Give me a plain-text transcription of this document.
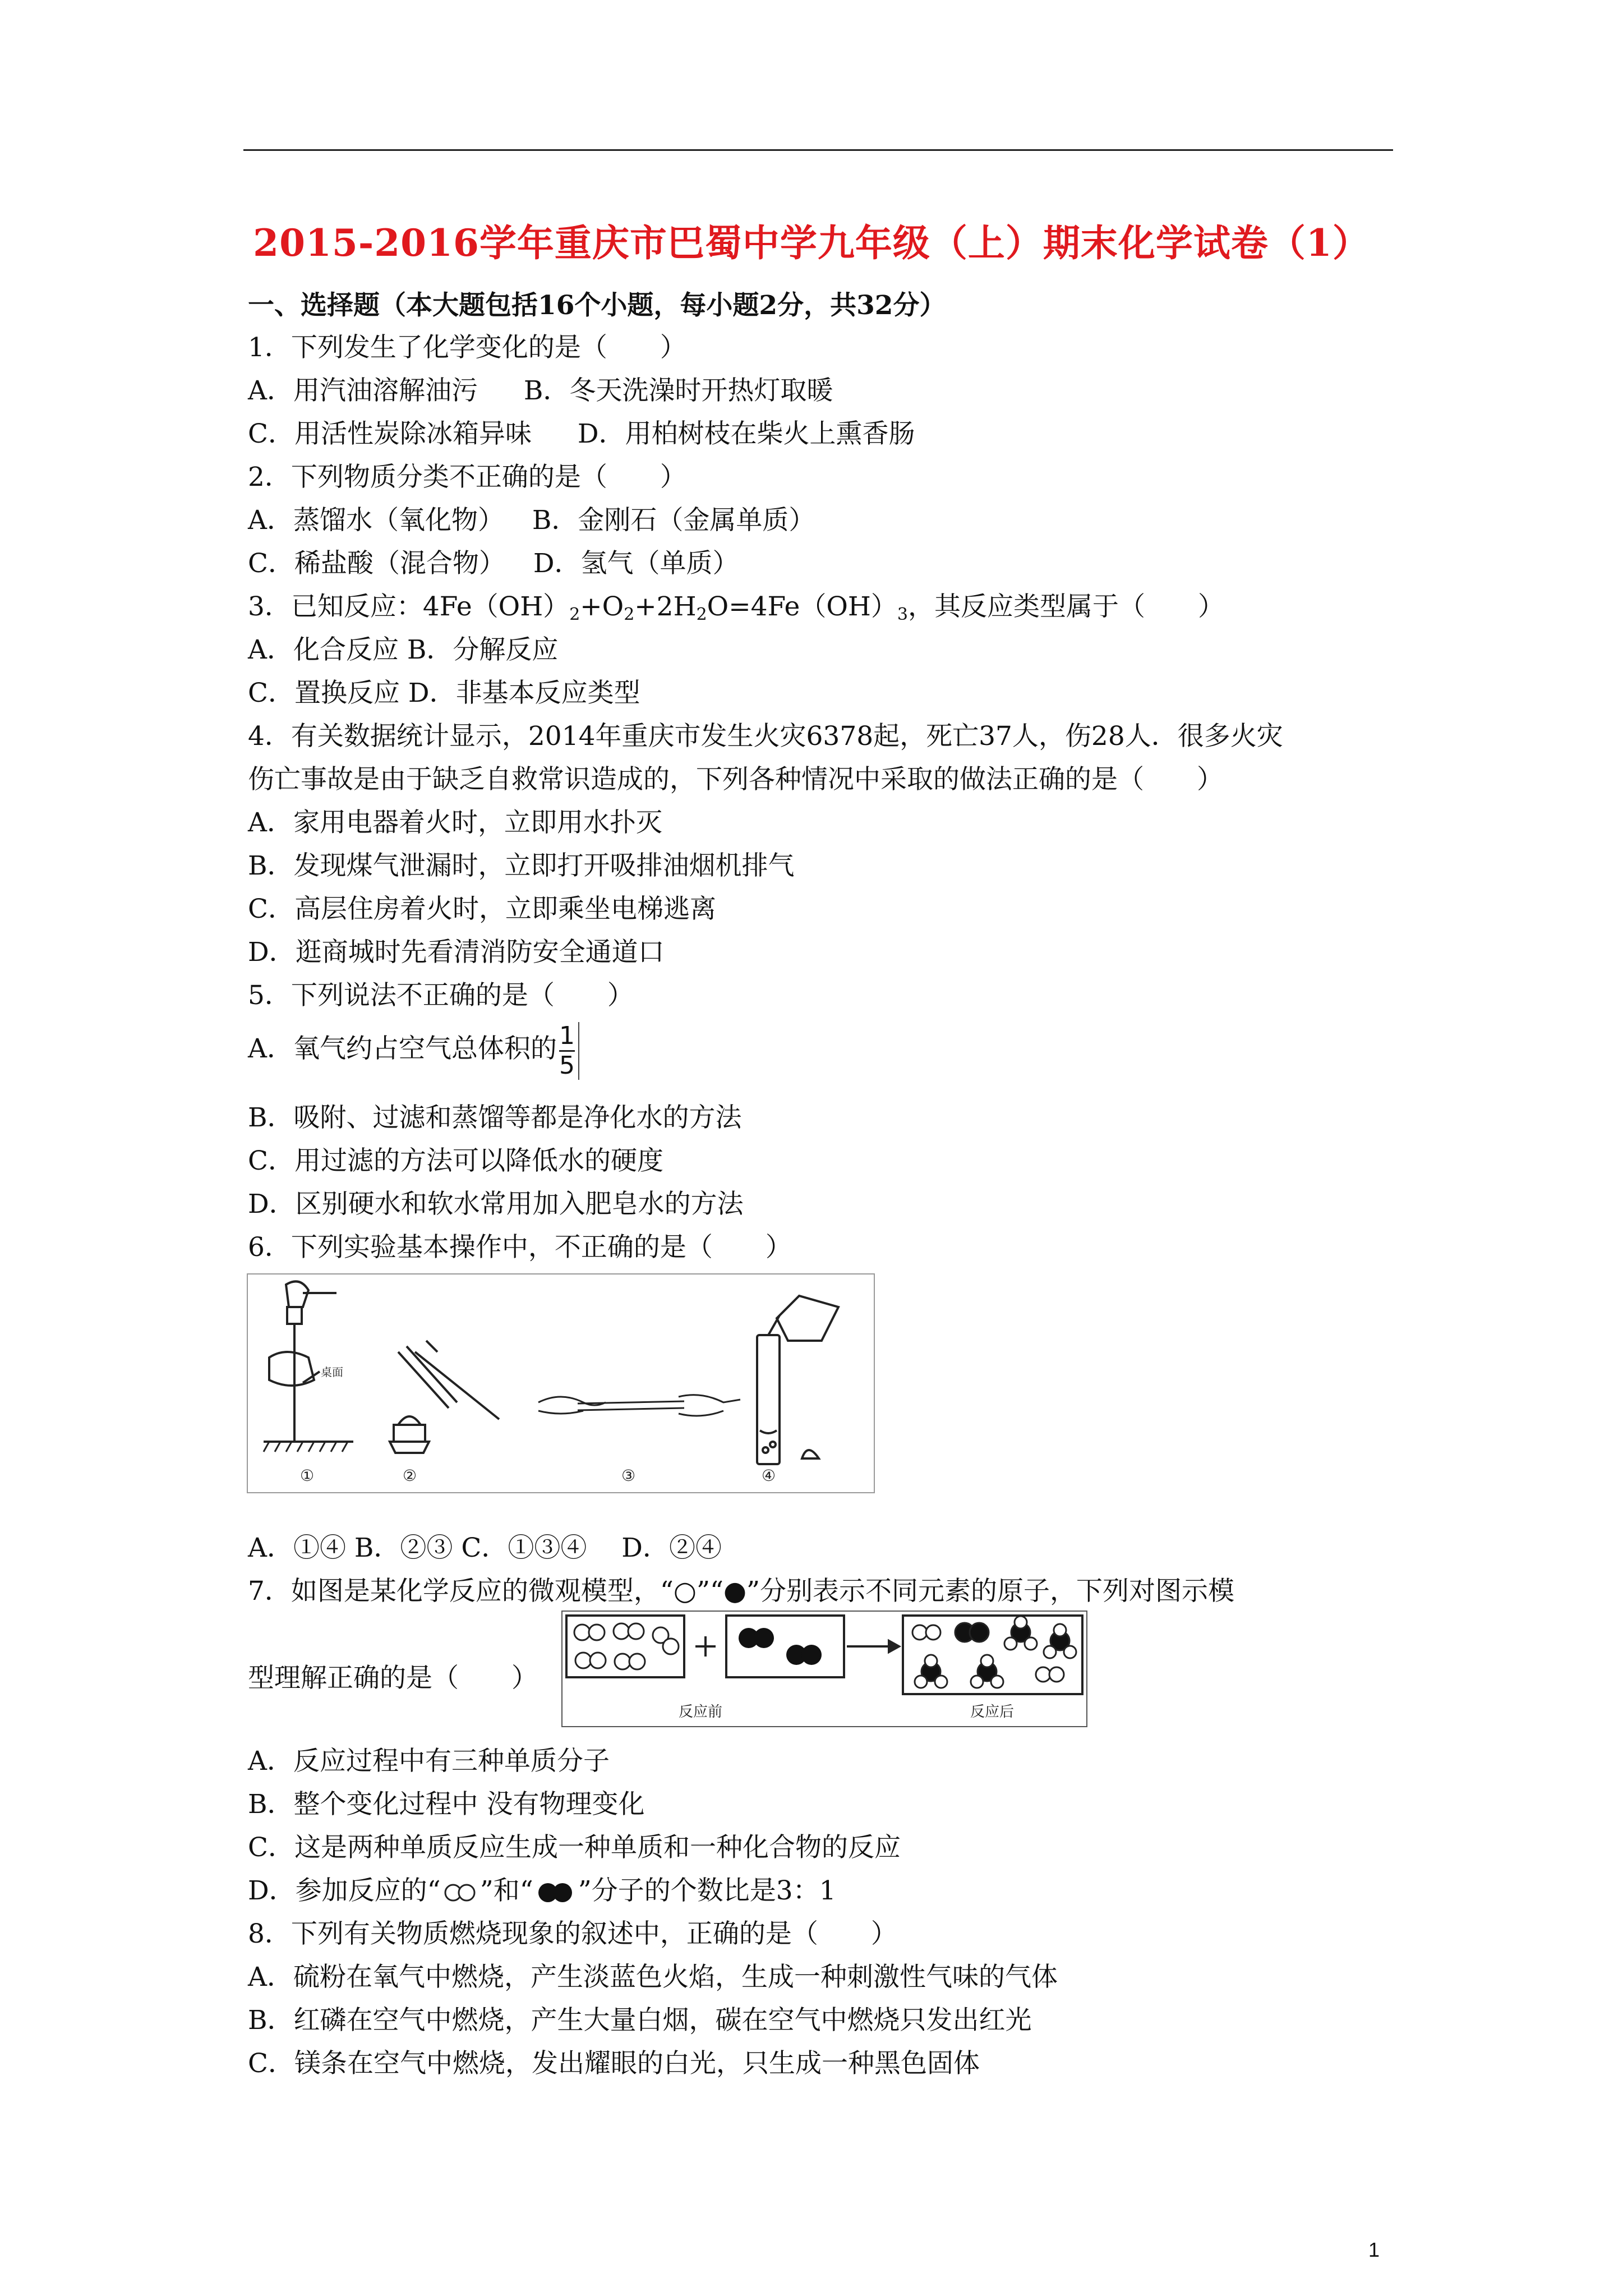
2015-2016学年重庆市巴蜀中学九年级（上）期末化学试卷（1）
一、选择题（本大题包括16个小题，每小题2分，共32分）
1．下列发生了化学变化的是（　　）
A．用汽油溶解油污 B．冬天洗澡时开热灯取暖
C．用活性炭除冰箱异味 D．用柏树枝在柴火上熏香肠
2．下列物质分类不正确的是（　　）
A．蒸馏水（氧化物） B．金刚石（金属单质）
C．稀盐酸（混合物） D．氢气（单质）
3．已知反应：$4Fe(OH)_2+O_2+2H_2O=4Fe(OH)_3$，其反应类型属于（　　）
A．化合反应 B．分解反应
C．置换反应 D．非基本反应类型
4．有关数据统计显示，2014年重庆市发生火灾6378起，死亡37人，伤28人．很多火灾
伤亡事故是由于缺乏自救常识造成的，下列各种情况中采取的做法正确的是（　　）
A．家用电器着火时，立即用水扑灭
B．发现煤气泄漏时，立即打开吸排油烟机排气
C．高层住房着火时，立即乘坐电梯逃离
D．逛商城时先看清消防安全通道口
5．下列说法不正确的是（　　）
A．氧气约占空气总体积的 $\frac{1}{5}$
B．吸附、过滤和蒸馏等都是净化水的方法
C．用过滤的方法可以降低水的硬度
D．区别硬水和软水常用加入肥皂水的方法
6．下列实验基本操作中，不正确的是（　　）
桌面
①	②	③	④
A．①④ B．②③ C．①③④　 D．②④
7．如图是某化学反应的微观模型，“○”“●”分别表示不同元素的原子，下列对图示模
型理解正确的是（　　）
反应前	反应后
A．反应过程中有三种单质分子
B．整个变化过程中 没有物理变化
C．这是两种单质反应生成一种单质和一种化合物的反应
D．参加反应的“ ”和“ ”分子的个数比是3：1
8．下列有关物质燃烧现象的叙述中，正确的是（　　）
A．硫粉在氧气中燃烧，产生淡蓝色火焰，生成一种刺激性气味的气体
B．红磷在空气中燃烧，产生大量白烟，碳在空气中燃烧只发出红光
C．镁条在空气中燃烧，发出耀眼的白光，只生成一种黑色固体
1
